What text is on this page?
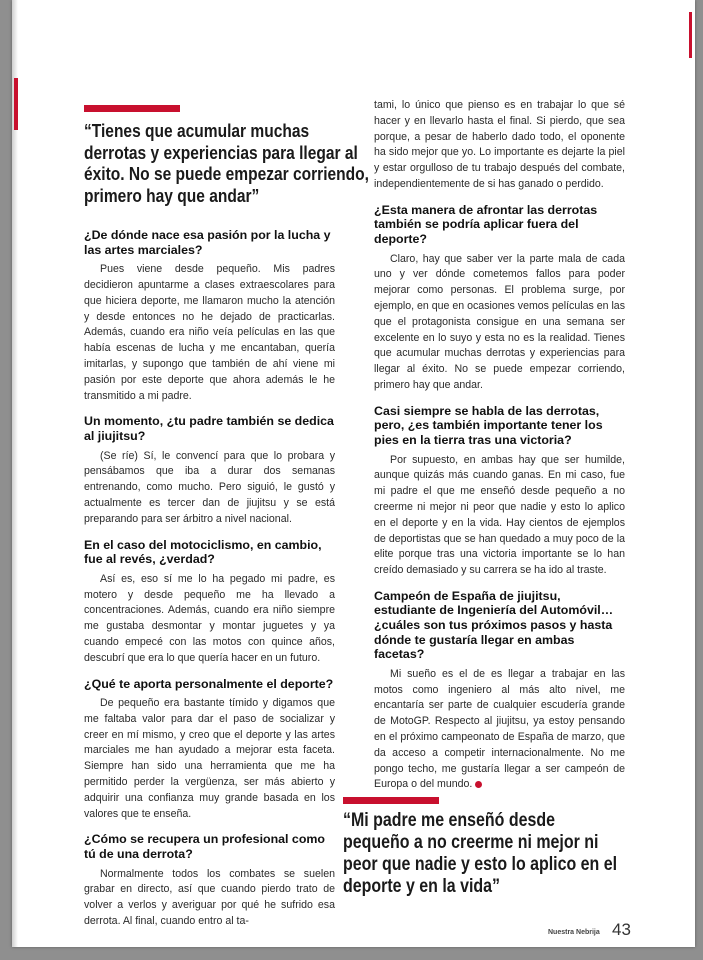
“Tienes que acumular muchas derrotas y experiencias para llegar al éxito. No se puede empezar corriendo, primero hay que andar”
¿De dónde nace esa pasión por la lucha y las artes marciales?

Pues viene desde pequeño. Mis padres decidieron apuntarme a clases extraescolares para que hiciera deporte, me llamaron mucho la atención y desde entonces no he dejado de practicarlas. Además, cuando era niño veía películas en las que había escenas de lucha y me encantaban, quería imitarlas, y supongo que también de ahí viene mi pasión por este deporte que ahora además le he transmitido a mi padre.

Un momento, ¿tu padre también se dedica al jiujitsu?

(Se ríe) Sí, le convencí para que lo probara y pensábamos que iba a durar dos semanas entrenando, como mucho. Pero siguió, le gustó y actualmente es tercer dan de jiujitsu y se está preparando para ser árbitro a nivel nacional.

En el caso del motociclismo, en cambio, fue al revés, ¿verdad?

Así es, eso sí me lo ha pegado mi padre, es motero y desde pequeño me ha llevado a concentraciones. Además, cuando era niño siempre me gustaba desmontar y montar juguetes y ya cuando empecé con las motos con quince años, descubrí que era lo que quería hacer en un futuro.

¿Qué te aporta personalmente el deporte?

De pequeño era bastante tímido y digamos que me faltaba valor para dar el paso de socializar y creer en mí mismo, y creo que el deporte y las artes marciales me han ayudado a mejorar esta faceta. Siempre han sido una herramienta que me ha permitido perder la vergüenza, ser más abierto y adquirir una confianza muy grande basada en los valores que te enseña.

¿Cómo se recupera un profesional como tú de una derrota?

Normalmente todos los combates se suelen grabar en directo, así que cuando pierdo trato de volver a verlos y averiguar por qué he sufrido esa derrota. Al final, cuando entro al ta-

tami, lo único que pienso es en trabajar lo que sé hacer y en llevarlo hasta el final. Si pierdo, que sea porque, a pesar de haberlo dado todo, el oponente ha sido mejor que yo. Lo importante es dejarte la piel y estar orgulloso de tu trabajo después del combate, independientemente de si has ganado o perdido.

¿Esta manera de afrontar las derrotas también se podría aplicar fuera del deporte?

Claro, hay que saber ver la parte mala de cada uno y ver dónde cometemos fallos para poder mejorar como personas. El problema surge, por ejemplo, en que en ocasiones vemos películas en las que el protagonista consigue en una semana ser excelente en lo suyo y esta no es la realidad. Tienes que acumular muchas derrotas y experiencias para llegar al éxito. No se puede empezar corriendo, primero hay que andar.

Casi siempre se habla de las derrotas, pero, ¿es también importante tener los pies en la tierra tras una victoria?

Por supuesto, en ambas hay que ser humilde, aunque quizás más cuando ganas. En mi caso, fue mi padre el que me enseñó desde pequeño a no creerme ni mejor ni peor que nadie y esto lo aplico en el deporte y en la vida. Hay cientos de ejemplos de deportistas que se han quedado a muy poco de la elite porque tras una victoria importante se lo han creído demasiado y su carrera se ha ido al traste.

Campeón de España de jiujitsu, estudiante de Ingeniería del Automóvil… ¿cuáles son tus próximos pasos y hasta dónde te gustaría llegar en ambas facetas?

Mi sueño es el de es llegar a trabajar en las motos como ingeniero al más alto nivel, me encantaría ser parte de cualquier escudería grande de MotoGP. Respecto al jiujitsu, ya estoy pensando en el próximo campeonato de España de marzo, que da acceso a competir internacionalmente. No me pongo techo, me gustaría llegar a ser campeón de Europa o del mundo.

“Mi padre me enseñó desde pequeño a no creerme ni mejor ni peor que nadie y esto lo aplico en el deporte y en la vida”
Nuestra Nebrija 43
